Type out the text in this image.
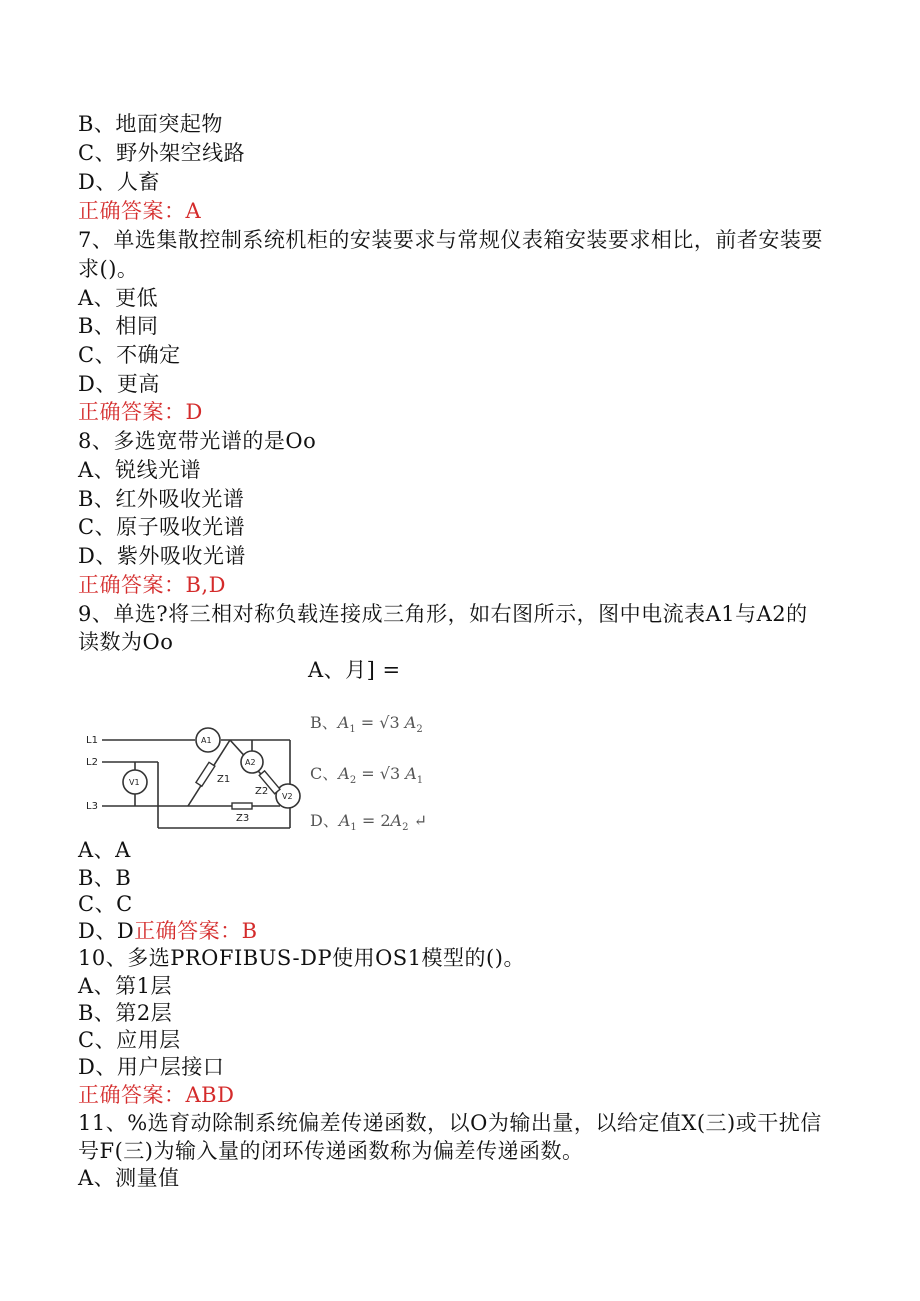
B、地面突起物
C、野外架空线路
D、人畜
正确答案：A
7、单选集散控制系统机柜的安装要求与常规仪表箱安装要求相比，前者安装要
求()。
A、更低
B、相同
C、不确定
D、更高
正确答案：D
8、多选宽带光谱的是Oo
A、锐线光谱
B、红外吸收光谱
C、原子吸收光谱
D、紫外吸收光谱
正确答案：B,D
9、单选?将三相对称负载连接成三角形，如右图所示，图中电流表A1与A2的
读数为Oo
A、月] =
L1
L2
L3
A1
A2
V1
V2
Z1
Z2
Z3
B、$A_1 = √3$ $A_2$
C、$A_2 = √3$ $A_1$
D、$A_1 = 2A_2$ ↵
A、A
B、B
C、C
D、D正确答案：B
10、多选PROFIBUS-DP使用OS1模型的()。
A、第1层
B、第2层
C、应用层
D、用户层接口
正确答案：ABD
11、%选育动除制系统偏差传递函数，以O为输出量，以给定值X(三)或干扰信
号F(三)为输入量的闭环传递函数称为偏差传递函数。
A、测量值
